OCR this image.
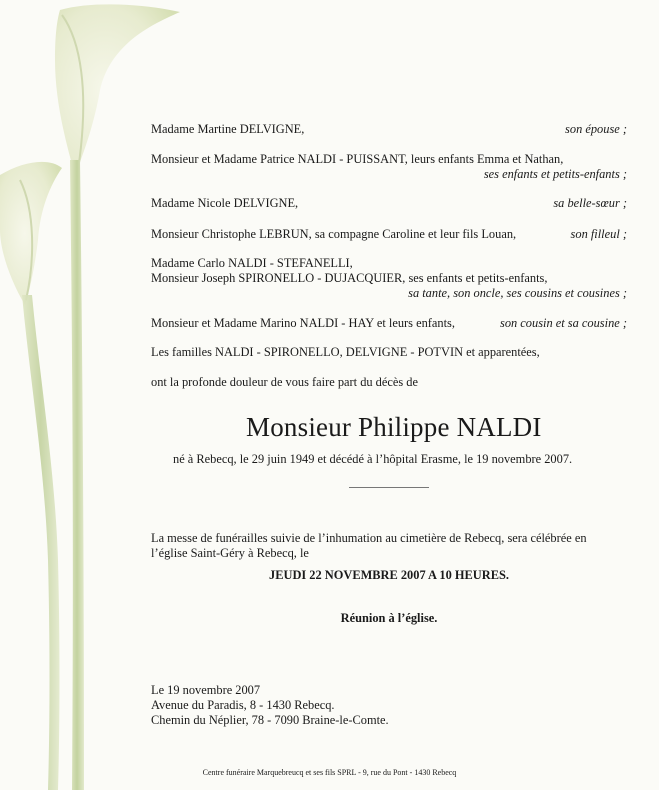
Madame Martine DELVIGNE,	son épouse ;
Monsieur et Madame Patrice NALDI - PUISSANT, leurs enfants Emma et Nathan,
ses enfants et petits-enfants ;
Madame Nicole DELVIGNE,	sa belle-sœur ;
Monsieur Christophe LEBRUN, sa compagne Caroline et leur fils Louan,	son filleul ;
Madame Carlo NALDI - STEFANELLI,
Monsieur Joseph SPIRONELLO - DUJACQUIER, ses enfants et petits-enfants,
sa tante, son oncle, ses cousins et cousines ;
Monsieur et Madame Marino NALDI - HAY et leurs enfants,	son cousin et sa cousine ;
Les familles NALDI - SPIRONELLO, DELVIGNE - POTVIN et apparentées,
ont la profonde douleur de vous faire part du décès de
Monsieur Philippe NALDI
né à Rebecq, le 29 juin 1949 et décédé à l’hôpital Erasme, le 19 novembre 2007.
La messe de funérailles suivie de l’inhumation au cimetière de Rebecq, sera célébrée en
l’église Saint-Géry à Rebecq, le
JEUDI 22 NOVEMBRE 2007 A 10 HEURES.
Réunion à l’église.
Le 19 novembre 2007
Avenue du Paradis, 8 - 1430 Rebecq.
Chemin du Néplier, 78 - 7090 Braine-le-Comte.
Centre funéraire Marquebreucq et ses fils SPRL - 9, rue du Pont - 1430 Rebecq
